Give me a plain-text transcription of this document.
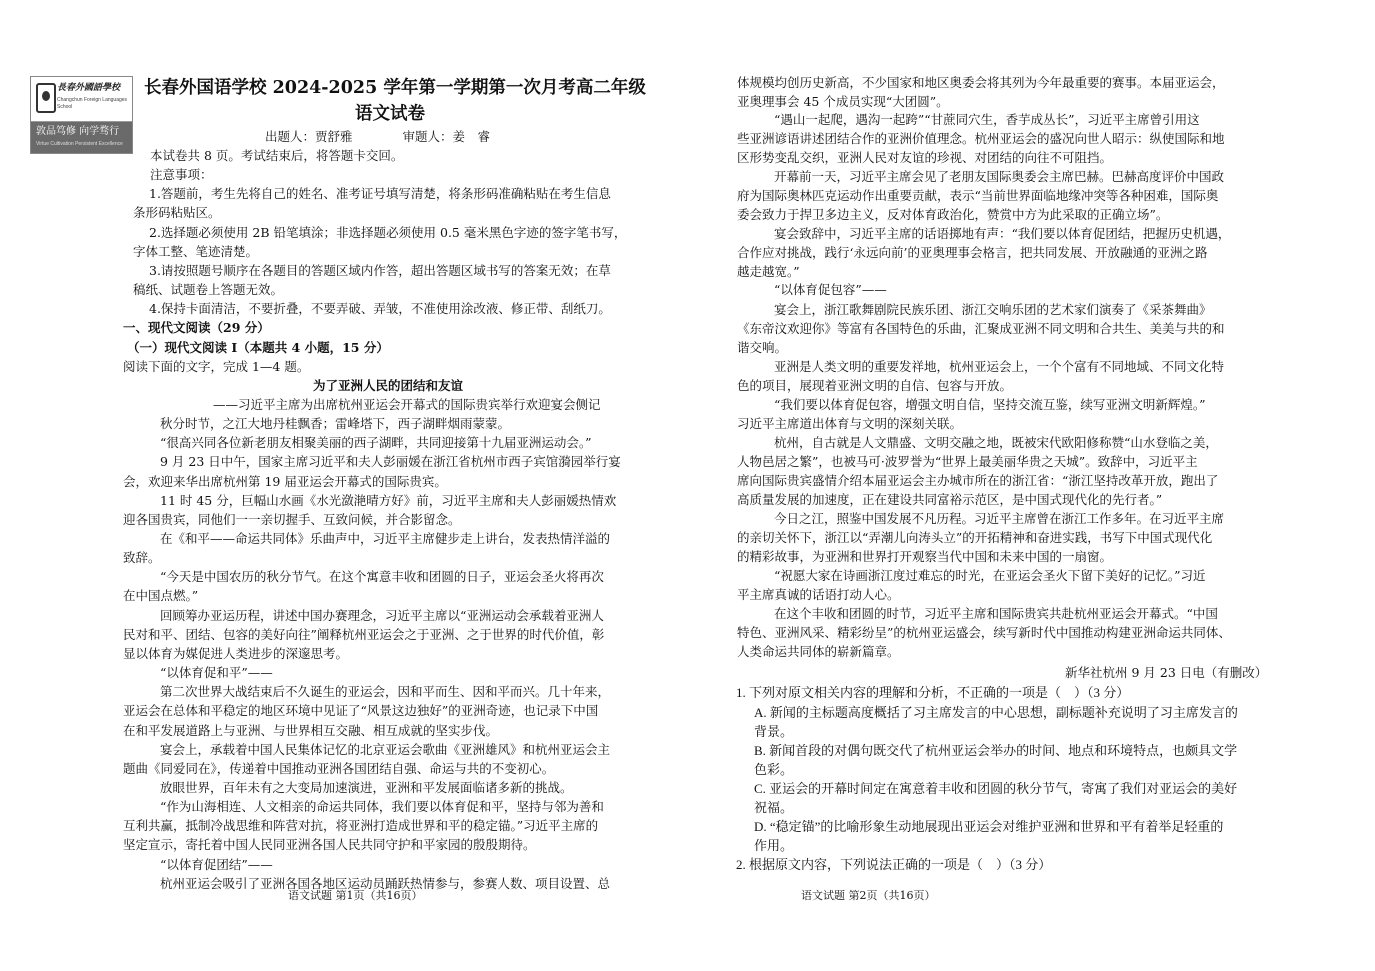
長春外國語學校
Changchun Foreign Languages School
敦品笃修 向学骛行
Virtue Cultivation Persistent Excellence
长春外国语学校 2024-2025 学年第一学期第一次月考高二年级
语文试卷
出题人：贾舒雅　　　　审题人：姜　睿

本试卷共 8 页。考试结束后，将答题卡交回。

注意事项：

1.答题前，考生先将自己的姓名、准考证号填写清楚，将条形码准确粘贴在考生信息

条形码粘贴区。

2.选择题必须使用 2B 铅笔填涂；非选择题必须使用 0.5 毫米黑色字迹的签字笔书写，

字体工整、笔迹清楚。

3.请按照题号顺序在各题目的答题区域内作答，超出答题区域书写的答案无效；在草

稿纸、试题卷上答题无效。

4.保持卡面清洁，不要折叠，不要弄破、弄皱，不准使用涂改液、修正带、刮纸刀。

一、现代文阅读（29 分）

（一）现代文阅读 I（本题共 4 小题，15 分）

阅读下面的文字，完成 1—4 题。

为了亚洲人民的团结和友谊

——习近平主席为出席杭州亚运会开幕式的国际贵宾举行欢迎宴会侧记

秋分时节，之江大地丹桂飘香；雷峰塔下，西子湖畔烟雨蒙蒙。

“很高兴同各位新老朋友相聚美丽的西子湖畔，共同迎接第十九届亚洲运动会。”

9 月 23 日中午，国家主席习近平和夫人彭丽媛在浙江省杭州市西子宾馆漪园举行宴

会，欢迎来华出席杭州第 19 届亚运会开幕式的国际贵宾。

11 时 45 分，巨幅山水画《水光潋滟晴方好》前，习近平主席和夫人彭丽媛热情欢

迎各国贵宾，同他们一一亲切握手、互致问候，并合影留念。

在《和平——命运共同体》乐曲声中，习近平主席健步走上讲台，发表热情洋溢的

致辞。

“今天是中国农历的秋分节气。在这个寓意丰收和团圆的日子，亚运会圣火将再次

在中国点燃。”

回顾筹办亚运历程，讲述中国办赛理念，习近平主席以“亚洲运动会承载着亚洲人

民对和平、团结、包容的美好向往”阐释杭州亚运会之于亚洲、之于世界的时代价值，彰

显以体育为媒促进人类进步的深邃思考。

“以体育促和平”——

第二次世界大战结束后不久诞生的亚运会，因和平而生、因和平而兴。几十年来，

亚运会在总体和平稳定的地区环境中见证了“风景这边独好”的亚洲奇迹，也记录下中国

在和平发展道路上与亚洲、与世界相互交融、相互成就的坚实步伐。

宴会上，承载着中国人民集体记忆的北京亚运会歌曲《亚洲雄风》和杭州亚运会主

题曲《同爱同在》，传递着中国推动亚洲各国团结自强、命运与共的不变初心。

放眼世界，百年未有之大变局加速演进，亚洲和平发展面临诸多新的挑战。

“作为山海相连、人文相亲的命运共同体，我们要以体育促和平，坚持与邻为善和

互利共赢，抵制冷战思维和阵营对抗，将亚洲打造成世界和平的稳定锚。”习近平主席的

坚定宣示，寄托着中国人民同亚洲各国人民共同守护和平家园的殷殷期待。

“以体育促团结”——

杭州亚运会吸引了亚洲各国各地区运动员踊跃热情参与，参赛人数、项目设置、总

语文试题 第1页（共16页）

体规模均创历史新高，不少国家和地区奥委会将其列为今年最重要的赛事。本届亚运会，

亚奥理事会 45 个成员实现“大团圆”。

“遇山一起爬，遇沟一起跨”“甘蔗同穴生，香芋成丛长”，习近平主席曾引用这

些亚洲谚语讲述团结合作的亚洲价值理念。杭州亚运会的盛况向世人昭示：纵使国际和地

区形势变乱交织，亚洲人民对友谊的珍视、对团结的向往不可阻挡。

开幕前一天，习近平主席会见了老朋友国际奥委会主席巴赫。巴赫高度评价中国政

府为国际奥林匹克运动作出重要贡献，表示“当前世界面临地缘冲突等各种困难，国际奥

委会致力于捍卫多边主义，反对体育政治化，赞赏中方为此采取的正确立场”。

宴会致辞中，习近平主席的话语掷地有声：“我们要以体育促团结，把握历史机遇，

合作应对挑战，践行‘永远向前’的亚奥理事会格言，把共同发展、开放融通的亚洲之路

越走越宽。”

“以体育促包容”——

宴会上，浙江歌舞剧院民族乐团、浙江交响乐团的艺术家们演奏了《采茶舞曲》

《东帝汶欢迎你》等富有各国特色的乐曲，汇聚成亚洲不同文明和合共生、美美与共的和

谐交响。

亚洲是人类文明的重要发祥地，杭州亚运会上，一个个富有不同地域、不同文化特

色的项目，展现着亚洲文明的自信、包容与开放。

“我们要以体育促包容，增强文明自信，坚持交流互鉴，续写亚洲文明新辉煌。”

习近平主席道出体育与文明的深刻关联。

杭州，自古就是人文鼎盛、文明交融之地，既被宋代欧阳修称赞“山水登临之美，

人物邑居之繁”，也被马可·波罗誉为“世界上最美丽华贵之天城”。致辞中，习近平主

席向国际贵宾盛情介绍本届亚运会主办城市所在的浙江省：“浙江坚持改革开放，跑出了

高质量发展的加速度，正在建设共同富裕示范区，是中国式现代化的先行者。”

今日之江，照鉴中国发展不凡历程。习近平主席曾在浙江工作多年。在习近平主席

的亲切关怀下，浙江以“弄潮儿向涛头立”的开拓精神和奋进实践，书写下中国式现代化

的精彩故事，为亚洲和世界打开观察当代中国和未来中国的一扇窗。

“祝愿大家在诗画浙江度过难忘的时光，在亚运会圣火下留下美好的记忆。”习近

平主席真诚的话语打动人心。

在这个丰收和团圆的时节，习近平主席和国际贵宾共赴杭州亚运会开幕式。“中国

特色、亚洲风采、精彩纷呈”的杭州亚运盛会，续写新时代中国推动构建亚洲命运共同体、

人类命运共同体的崭新篇章。

新华社杭州 9 月 23 日电（有删改）

1. 下列对原文相关内容的理解和分析，不正确的一项是（　）（3 分）

A. 新闻的主标题高度概括了习主席发言的中心思想，副标题补充说明了习主席发言的

背景。

B. 新闻首段的对偶句既交代了杭州亚运会举办的时间、地点和环境特点，也颇具文学

色彩。

C. 亚运会的开幕时间定在寓意着丰收和团圆的秋分节气，寄寓了我们对亚运会的美好

祝福。

D. “稳定锚”的比喻形象生动地展现出亚运会对维护亚洲和世界和平有着举足轻重的

作用。

2. 根据原文内容，下列说法正确的一项是（　）（3 分）

语文试题 第2页（共16页）
